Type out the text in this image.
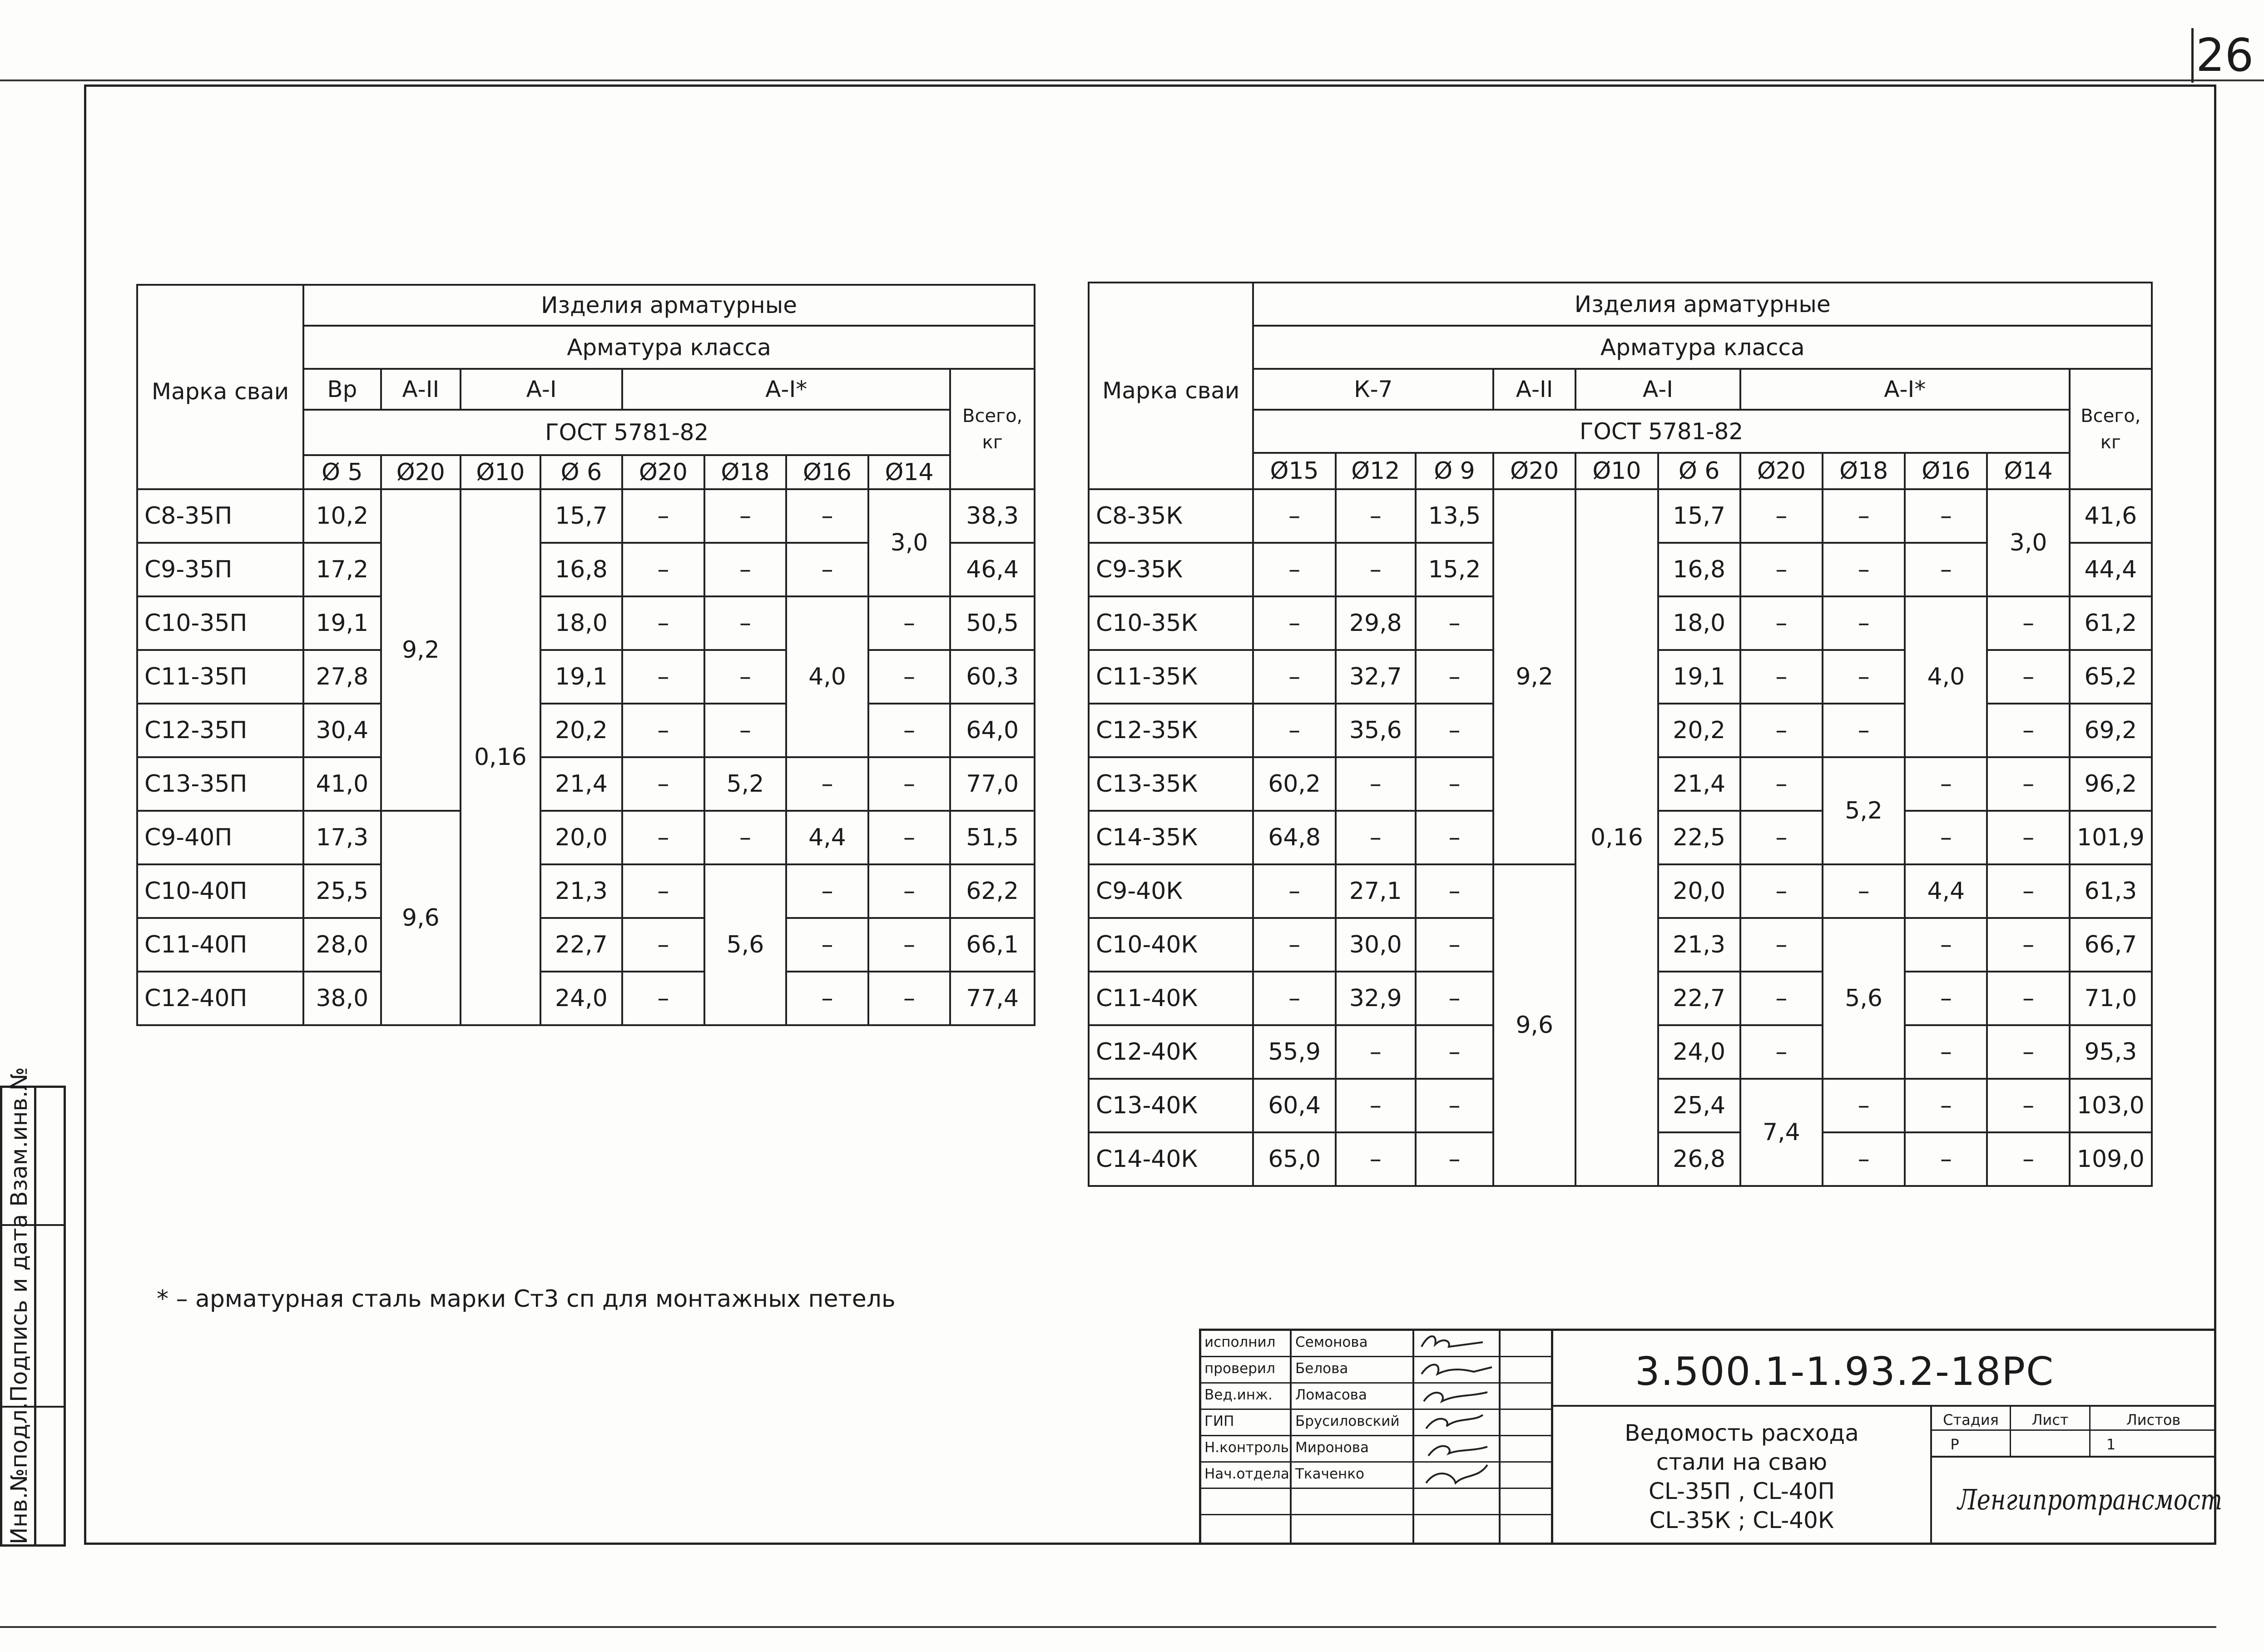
26
Марка сваи	Изделия арматурные								
	Арматура класса								
	Вр	А-II	А-I		А-I*				Всего, кг
	ГОСТ 5781-82								
	Ø 5	Ø20	Ø10	Ø 6	Ø20	Ø18	Ø16	Ø14	
С8-35П	10,2	9,2	0,16	15,7	–	–	–	3,0	38,3
С9-35П	17,2			16,8	–	–	–		46,4
С10-35П	19,1			18,0	–	–	4,0	–	50,5
С11-35П	27,8			19,1	–	–		–	60,3
С12-35П	30,4			20,2	–	–		–	64,0
С13-35П	41,0			21,4	–	5,2	–	–	77,0
С9-40П	17,3	9,6		20,0	–	–	4,4	–	51,5
С10-40П	25,5			21,3	–	5,6	–	–	62,2
С11-40П	28,0			22,7	–		–	–	66,1
С12-40П	38,0			24,0	–		–	–	77,4
Марка сваи	Изделия арматурные										
	Арматура класса										
	К-7			А-II	А-I		А-I*				Всего, кг
	ГОСТ 5781-82										
	Ø15	Ø12	Ø 9	Ø20	Ø10	Ø 6	Ø20	Ø18	Ø16	Ø14	
С8-35К	–	–	13,5	9,2	0,16	15,7	–	–	–	3,0	41,6
С9-35К	–	–	15,2			16,8	–	–	–		44,4
С10-35К	–	29,8	–			18,0	–	–	4,0	–	61,2
С11-35К	–	32,7	–			19,1	–	–		–	65,2
С12-35К	–	35,6	–			20,2	–	–		–	69,2
С13-35К	60,2	–	–			21,4	–	5,2	–	–	96,2
С14-35К	64,8	–	–			22,5	–		–	–	101,9
С9-40К	–	27,1	–	9,6		20,0	–	–	4,4	–	61,3
С10-40К	–	30,0	–			21,3	–	5,6	–	–	66,7
С11-40К	–	32,9	–			22,7	–		–	–	71,0
С12-40К	55,9	–	–			24,0	–		–	–	95,3
С13-40К	60,4	–	–			25,4	7,4	–	–	–	103,0
С14-40К	65,0	–	–			26,8		–	–	–	109,0
* – арматурная сталь марки Ст3 сп для монтажных петель
исполнил Семонова
проверил Белова
Вед.инж. Ломасова
ГИП	Брусиловский
Н.контроль Миронова
Нач.отдела Ткаченко
3.500.1-1.93.2-18РС
Ведомость расхода
стали на сваю
СL-35П , СL-40П
СL-35К ; СL-40К
Стадия	Лист	Листов
Р	1
Ленгипротрансмост
Инв.№подл.Подпись и дата Взам.инв.№
